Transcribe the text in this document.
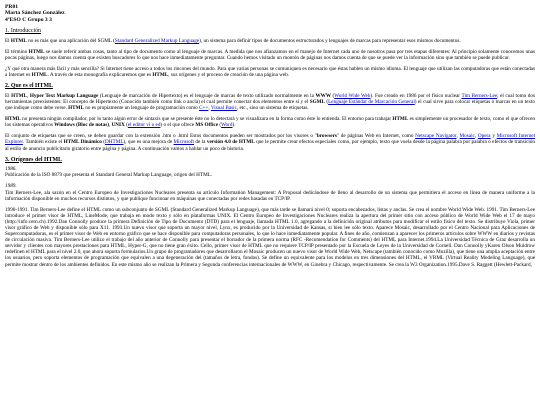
PR01
Marta Sánchez González
4ºESO C Grupo 3 3
1. Introducción

El HTML no es más que una aplicación del SGML (Standard Generalized Markup Language), un sistema para definir tipos de documentos estructurados y lenguajes de marcas para representar esos mismos documentos.

El término HTML se suele referir ambas cosas, tanto al tipo de documento como al lenguaje de marcas. A medida que nos afianzamos en el manejo de Internet cada uno de nosotros pasa por tres etapas diferentes: Al principio solamente conocemos unas pocas páginas, luego nos damos cuenta que existen buscadores lo que nos hace inmediatamente preguntar. Cuando hemos visitado un montón de páginas nos damos cuenta de que se puede ver la información sino que también se puede publicar.

¿Y qué otra manera más fácil y más sencilla? Si Internet tiene acceso a todos los rincones del mundo. Para que varias personas se comuniquen es necesario que éstas hablen un mismo idioma. El lenguaje que utilizan las computadoras que están conectadas a Internet es HTML. A través de esta monografía explicaremos que es HTML, sus orígenes y el proceso de creación de una página web.

2. Que es el HTML

El HTML, Hyper Text Markup Language (Lenguaje de marcación de Hipertexto) es el lenguaje de marcas de texto utilizado normalmente en la WWW (World Wide Web). Fue creado en 1986 por el físico nuclear Tim Berners-Lee; el cual tomo dos herramientas preexistentes: El concepto de Hipertexto (Conocido también como link o ancla) el cual permite conectar dos elementos entre sí y el SGML (Lenguaje Estándar de Marcación General) el cual sirve para colocar etiquetas o marcas en un texto que indique como debe verse. HTML no es propiamente un lenguaje de programación como C++, Visual Basic, etc., sino un sistema de etiquetas.

HTML no presenta ningún compilador, por lo tanto algún error de sintaxis que se presente éste no lo detectará y se visualizara en la forma como éste lo entienda. El entorno para trabajar HTML es simplemente un procesador de texto, como el que ofrecen los sistemas operativos Windows (Bloc de notas), UNIX (el editor vi o ed) o el que ofrece MS Office (Word).

El conjunto de etiquetas que se creen, se deben guardar con la extensión .htm o .html Estos documentos pueden ser mostrados por los visores o "browsers" de páginas Web en Internet, como Netscape Navigator, Mosaic, Opera y Microsoft Internet Explorer. También existe el HTML Dinámico (DHTML), que es una mejora de Microsoft de la versión 4.0 de HTML que le permite crear efectos especiales como, por ejemplo, texto que vuela desde la página palabra por palabra o efectos de transición al estilo de anuncio publicitario giratorio entre página y página. A continuación vamos a hablar un poco de historia.

3. Orígenes del HTML

1986.

Publicación de la ISO 8879 que presenta el Standard General Markup Language, origen del HTML.

1989.

Tim Berners-Lee, ala sazón en el Centro Europeo de Investigaciones Nucleares presenta su artículo Information Management: A Proposal dedicándose de lleno al desarrollo de un sistema que permitiera el acceso en línea de manera uniforme a la información disponible en muchos recursos distintos, y que publique funcionar en máquinas que conectadas por redes basadas en TCP/IP.

1990-1991. Tim Berners-Lee define el HTML como un subconjunto de SGML (Standard Generalized Markup Language), que más tarde se llamará nivel 0; soporta encabezados, listas y anclas. Se crea el nombre World Wide Web. 1991. Tim Berners-Lee introduce el primer visor de HTML, LineMode, que trabaja en modo texto y sólo en plataformas UNIX. El Centro Europeo de Investigaciones Nucleares realiza la apertura del primer sitio con acceso público de World Wide Web el 17 de mayo (http://info.cern.ch).1992.Dan Connolly produce la primera Definición de Tipo de Documento (DTD) para el lenguaje, llamada HTML 1.0, agregando a la definición original atributos para modificar el estilo físico del texto. Se distribuye Viola, primer visor gráfico de Web y disponible sólo para X11. 1993.Un nuevo visor que soporta un mayor nivel, Lynx, es producido por la Universidad de Kansas, si bien lee sólo texto. Aparece Mosaic, desarrollado por el Centro Nacional para Aplicaciones de Supercomputadoras, es el primer visor de Web en entorno gráfico que se hace disponible para computadoras personales, lo que lo hace inmediatamente popular. A fines de año, comienzan a aparecer los primeros artículos sobre WWW en diarios y revistas de circulación masiva. Tim Berners-Lee utilizo el trabajo del año anterior de Connolly para presentar el borrador de la primera norma (RFC -Recomendation for Comments) del HTML para Internet.1994.La Universidad Técnica de Graz desarrolla un servidor y clientes con mayores prestaciones para HTML, Hyper-G, que no tiene gran éxito. Cello, primer visor de HTML que no requiere TCP/IP presentado por la Escuela de Leyes de la Universidad de Cornell. Dan Connolly yKaren Olson Muldrow redefinen el HTML para el nivel 2.0, que ahora soporta formularios.Un grupo de programadores que desarrollaron el Mosaic producen un nuevo visor de World Wide Web, Netscape (también conocido como Mozilla), que tiene una amplia aceptación entre los usuarios, pero soporta elementos de programación que equivalen a una degeneración del (tamaños de letra, fondos). Se define un equivalente para los modelos en tres dimensiones del HTML, el VRML (Virtual Reality Modeling Language), que permite mostrar dentro de los ambientes definidos. En este mismo año se realizan la Primera y Segunda conferencias internacionales de WWW, en Ginebra y Chicago, respectivamente. Se crea la W3 Organization.1995.Dave S. Raggett (Hewlett-Packard,
